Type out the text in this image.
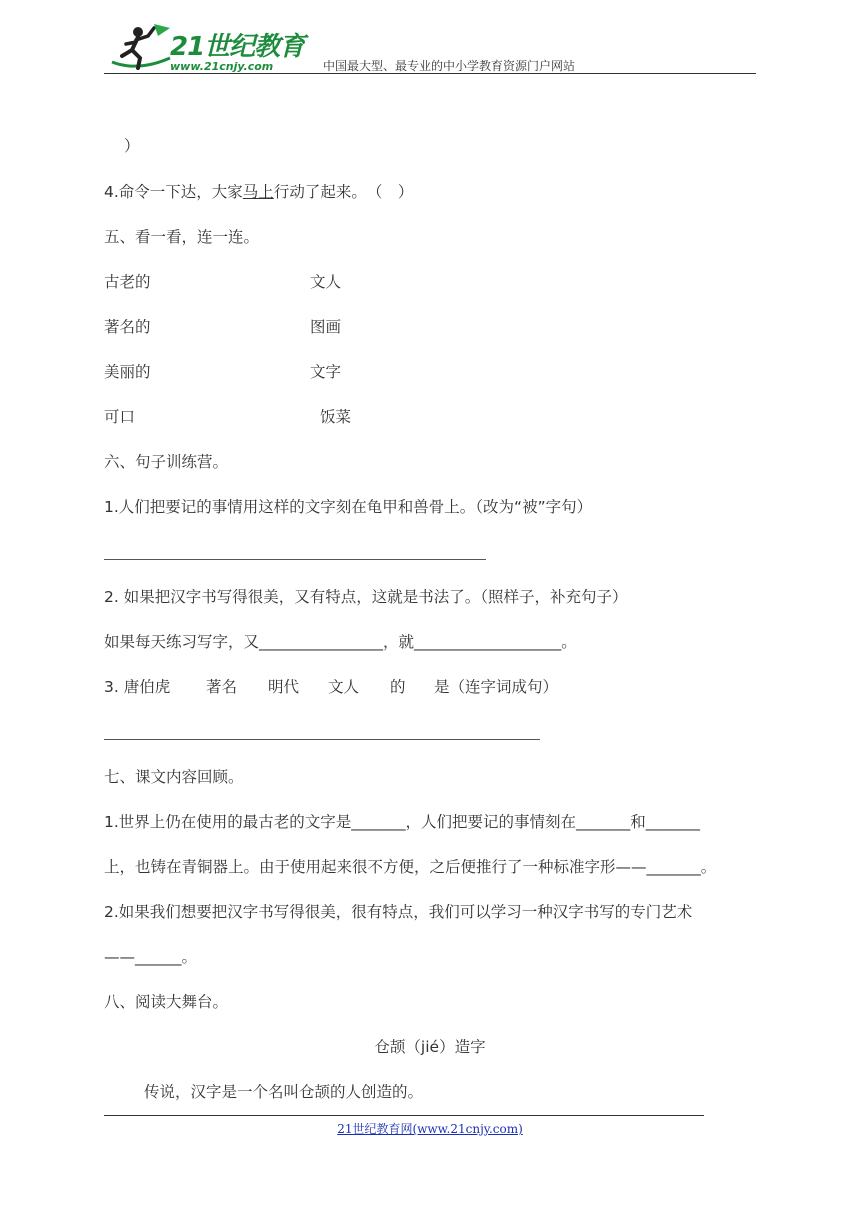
21世纪教育
www.21cnjy.com	中国最大型、最专业的中小学教育资源门户网站
）
4.命令一下达，大家马上行动了起来。　（　）
五、看一看，连一连。
古老的	文人
著名的	图画
美丽的	文字
可口	饭菜
六、句子训练营。
1.人们把要记的事情用这样的文字刻在龟甲和兽骨上。（改为“被”字句）
2. 如果把汉字书写得很美，又有特点，这就是书法了。（照样子，补充句子）
如果每天练习写字，又________________，就___________________。
3. 唐伯虎 著名 明代 文人 的 是（连字词成句）
七、课文内容回顾。
1.世界上仍在使用的最古老的文字是_______，人们把要记的事情刻在_______和_______
上，也铸在青铜器上。由于使用起来很不方便，之后便推行了一种标准字形——_______。
2.如果我们想要把汉字书写得很美，很有特点，我们可以学习一种汉字书写的专门艺术
——______。
八、阅读大舞台。
仓颉（jié）造字
传说，汉字是一个名叫仓颉的人创造的。
21世纪教育网(www.21cnjy.com)
